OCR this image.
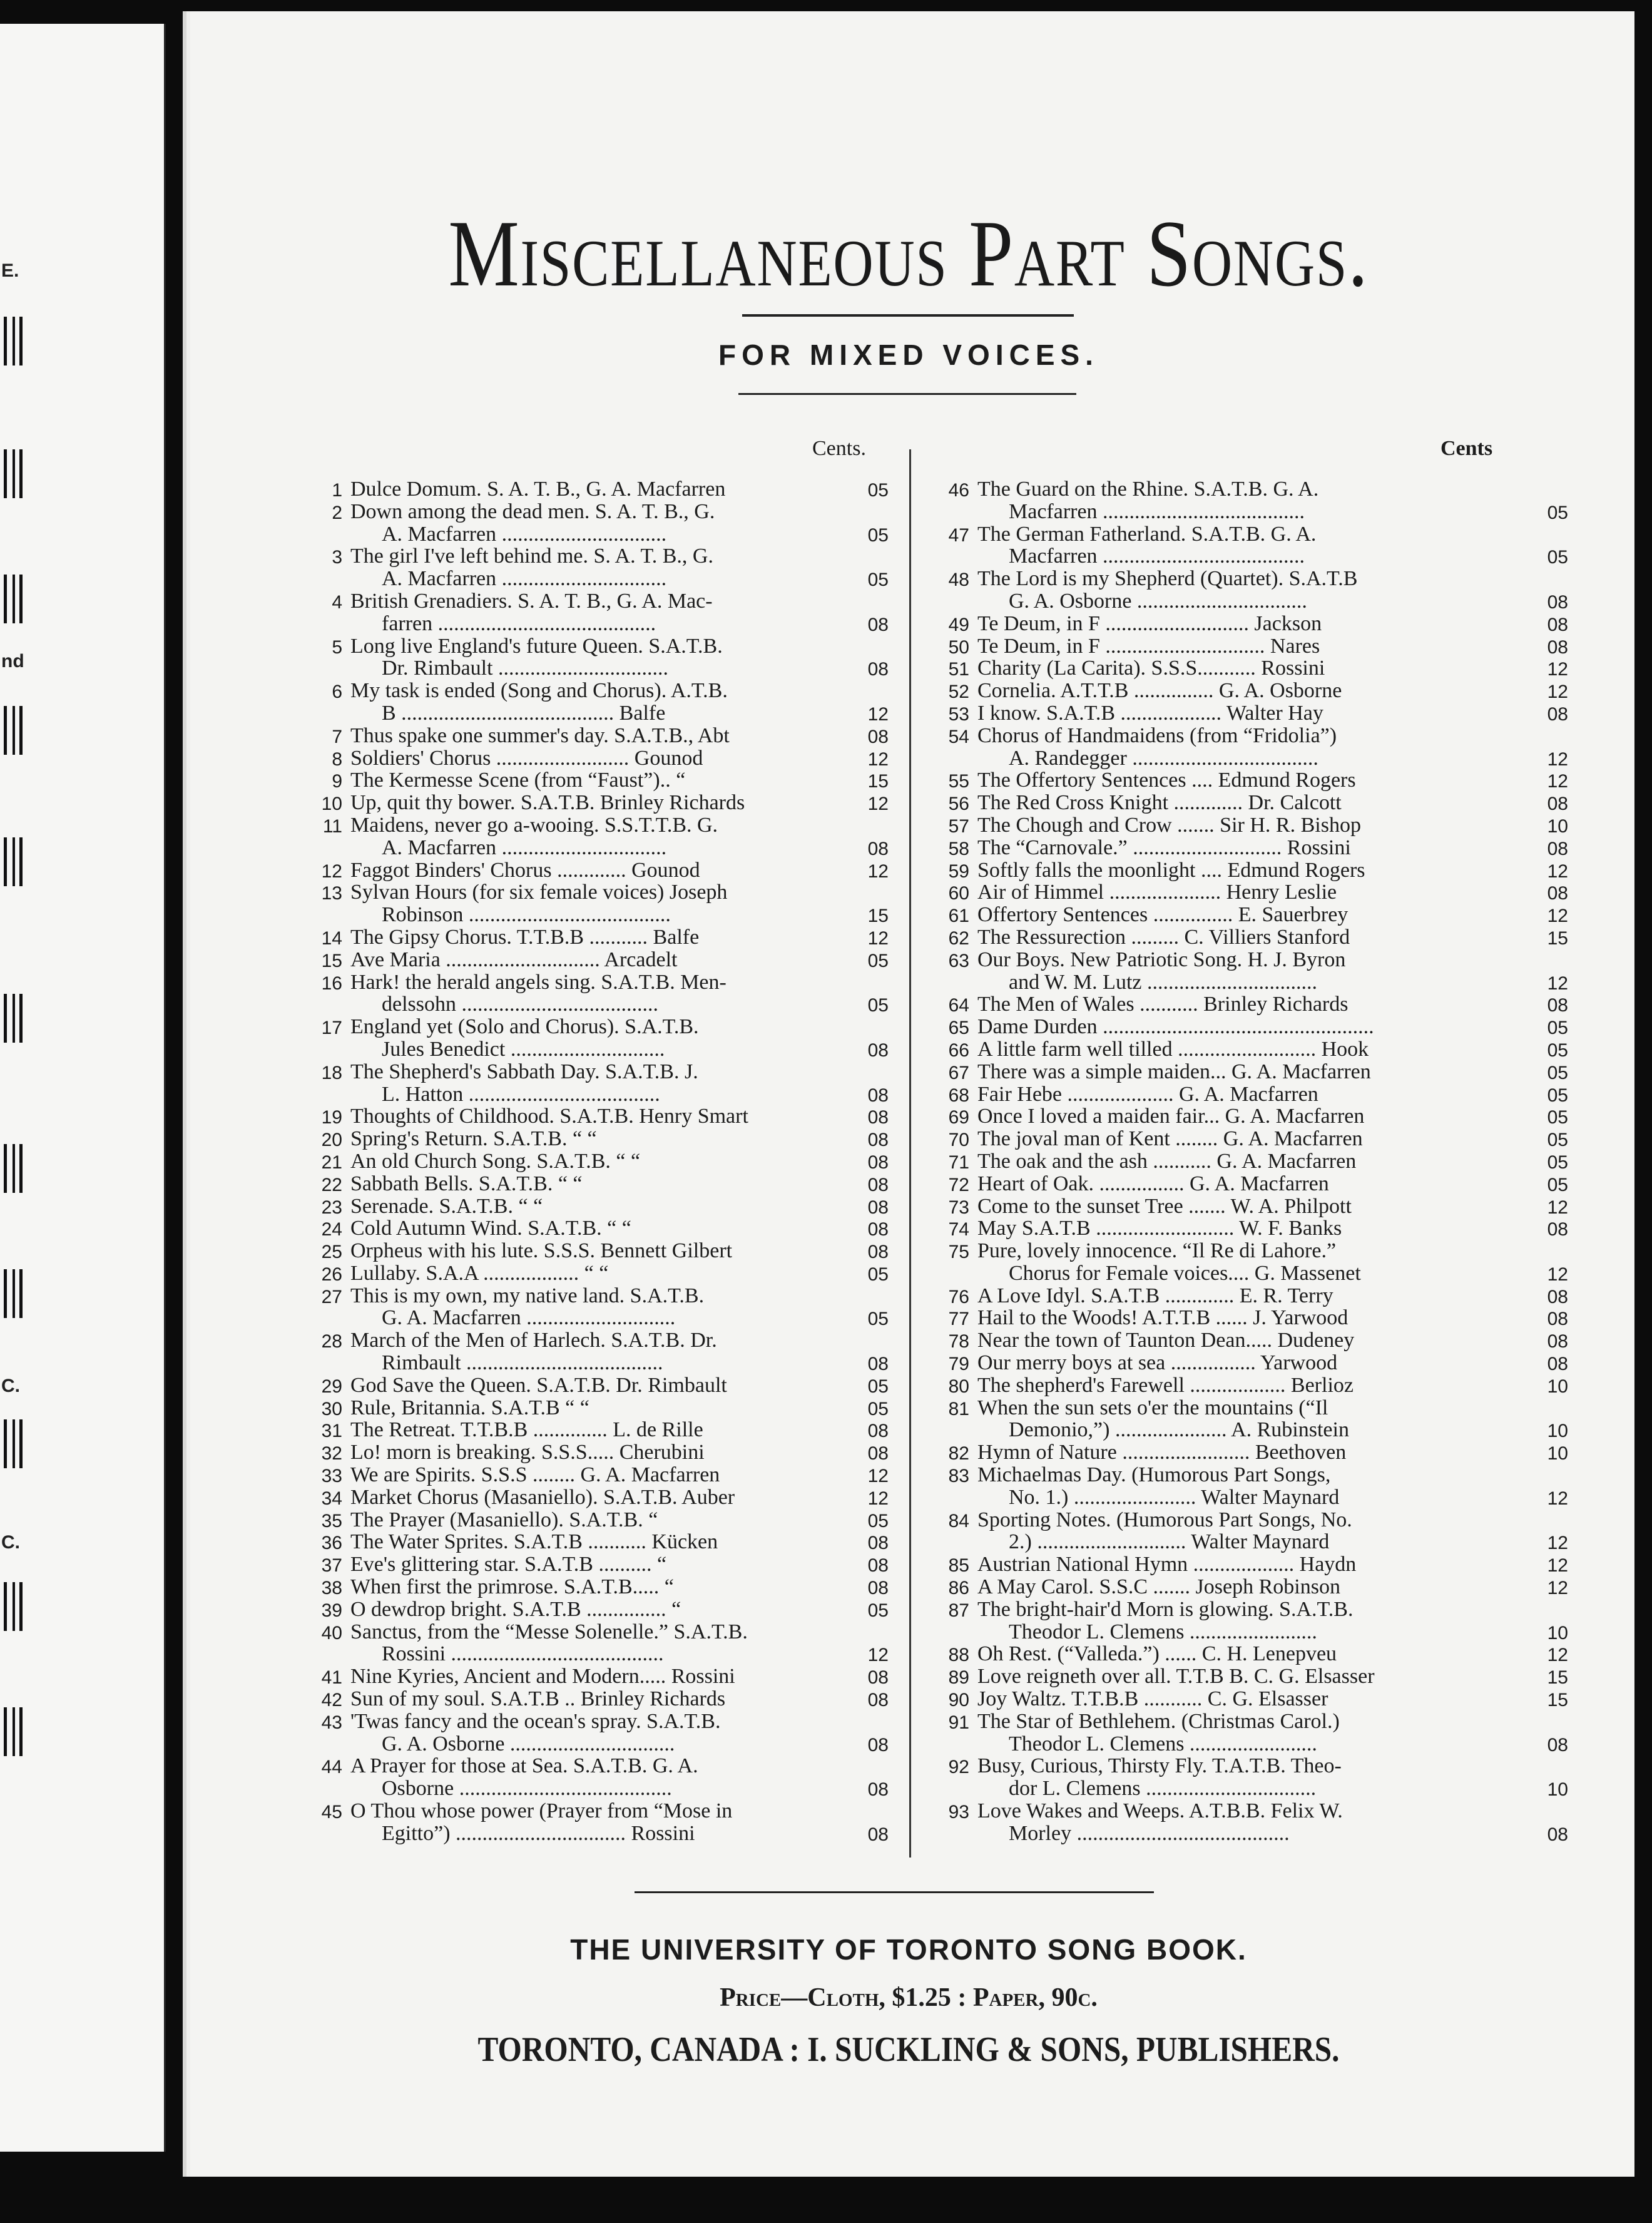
E.
nd
C.
C.
Miscellaneous Part Songs.
FOR MIXED VOICES.
Cents.	Cents
1 Dulce Domum. S. A. T. B., G. A. Macfarren	05
2 Down among the dead men. S. A. T. B., G.
A. Macfarren ...............................	05
3 The girl I've left behind me. S. A. T. B., G.
A. Macfarren ...............................	05
4 British Grenadiers. S. A. T. B., G. A. Mac-
farren .........................................	08
5 Long live England's future Queen. S.A.T.B.
Dr. Rimbault ................................	08
6 My task is ended (Song and Chorus). A.T.B.
B ........................................ Balfe	12
7 Thus spake one summer's day. S.A.T.B., Abt	08
8 Soldiers' Chorus ......................... Gounod	12
9 The Kermesse Scene (from “Faust”).. “	15
10 Up, quit thy bower. S.A.T.B. Brinley Richards	12
11 Maidens, never go a-wooing. S.S.T.T.B. G.
A. Macfarren ...............................	08
12 Faggot Binders' Chorus ............. Gounod	12
13 Sylvan Hours (for six female voices) Joseph
Robinson ......................................	15
14 The Gipsy Chorus. T.T.B.B ........... Balfe	12
15 Ave Maria ............................. Arcadelt	05
16 Hark! the herald angels sing. S.A.T.B. Men-
delssohn .....................................	05
17 England yet (Solo and Chorus). S.A.T.B.
Jules Benedict .............................	08
18 The Shepherd's Sabbath Day. S.A.T.B. J.
L. Hatton ....................................	08
19 Thoughts of Childhood. S.A.T.B. Henry Smart	08
20 Spring's Return. S.A.T.B. “ “	08
21 An old Church Song. S.A.T.B. “ “	08
22 Sabbath Bells. S.A.T.B. “ “	08
23 Serenade. S.A.T.B. “ “	08
24 Cold Autumn Wind. S.A.T.B. “ “	08
25 Orpheus with his lute. S.S.S. Bennett Gilbert	08
26 Lullaby. S.A.A .................. “ “	05
27 This is my own, my native land. S.A.T.B.
G. A. Macfarren ............................	05
28 March of the Men of Harlech. S.A.T.B. Dr.
Rimbault .....................................	08
29 God Save the Queen. S.A.T.B. Dr. Rimbault	05
30 Rule, Britannia. S.A.T.B “ “	05
31 The Retreat. T.T.B.B .............. L. de Rille	08
32 Lo! morn is breaking. S.S.S..... Cherubini	08
33 We are Spirits. S.S.S ........ G. A. Macfarren	12
34 Market Chorus (Masaniello). S.A.T.B. Auber	12
35 The Prayer (Masaniello). S.A.T.B. “	05
36 The Water Sprites. S.A.T.B ........... Kücken	08
37 Eve's glittering star. S.A.T.B .......... “	08
38 When first the primrose. S.A.T.B..... “	08
39 O dewdrop bright. S.A.T.B ............... “	05
40 Sanctus, from the “Messe Solenelle.” S.A.T.B.
Rossini ........................................	12
41 Nine Kyries, Ancient and Modern..... Rossini	08
42 Sun of my soul. S.A.T.B .. Brinley Richards	08
43 'Twas fancy and the ocean's spray. S.A.T.B.
G. A. Osborne ...............................	08
44 A Prayer for those at Sea. S.A.T.B. G. A.
Osborne ........................................	08
45 O Thou whose power (Prayer from “Mose in
Egitto”) ................................ Rossini	08
46 The Guard on the Rhine. S.A.T.B. G. A.
Macfarren ......................................	05
47 The German Fatherland. S.A.T.B. G. A.
Macfarren ......................................	05
48 The Lord is my Shepherd (Quartet). S.A.T.B
G. A. Osborne ................................	08
49 Te Deum, in F ........................... Jackson	08
50 Te Deum, in F .............................. Nares	08
51 Charity (La Carita). S.S.S........... Rossini	12
52 Cornelia. A.T.T.B ............... G. A. Osborne	12
53 I know. S.A.T.B ................... Walter Hay	08
54 Chorus of Handmaidens (from “Fridolia”)
A. Randegger ...................................	12
55 The Offertory Sentences .... Edmund Rogers	12
56 The Red Cross Knight ............. Dr. Calcott	08
57 The Chough and Crow ....... Sir H. R. Bishop	10
58 The “Carnovale.” ............................ Rossini	08
59 Softly falls the moonlight .... Edmund Rogers	12
60 Air of Himmel ..................... Henry Leslie	08
61 Offertory Sentences ............... E. Sauerbrey	12
62 The Ressurection ......... C. Villiers Stanford	15
63 Our Boys. New Patriotic Song. H. J. Byron
and W. M. Lutz ................................	12
64 The Men of Wales ........... Brinley Richards	08
65 Dame Durden ...................................................	05
66 A little farm well tilled .......................... Hook	05
67 There was a simple maiden... G. A. Macfarren	05
68 Fair Hebe .................... G. A. Macfarren	05
69 Once I loved a maiden fair... G. A. Macfarren	05
70 The joval man of Kent ........ G. A. Macfarren	05
71 The oak and the ash ........... G. A. Macfarren	05
72 Heart of Oak. ................ G. A. Macfarren	05
73 Come to the sunset Tree ....... W. A. Philpott	12
74 May S.A.T.B .......................... W. F. Banks	08
75 Pure, lovely innocence. “Il Re di Lahore.”
Chorus for Female voices.... G. Massenet	12
76 A Love Idyl. S.A.T.B ............. E. R. Terry	08
77 Hail to the Woods! A.T.T.B ...... J. Yarwood	08
78 Near the town of Taunton Dean..... Dudeney	08
79 Our merry boys at sea ................ Yarwood	08
80 The shepherd's Farewell .................. Berlioz	10
81 When the sun sets o'er the mountains (“Il
Demonio,”) ..................... A. Rubinstein	10
82 Hymn of Nature ........................ Beethoven	10
83 Michaelmas Day. (Humorous Part Songs,
No. 1.) ....................... Walter Maynard	12
84 Sporting Notes. (Humorous Part Songs, No.
2.) ............................ Walter Maynard	12
85 Austrian National Hymn ................... Haydn	12
86 A May Carol. S.S.C ....... Joseph Robinson	12
87 The bright-hair'd Morn is glowing. S.A.T.B.
Theodor L. Clemens ........................	10
88 Oh Rest. (“Valleda.”) ...... C. H. Lenepveu	12
89 Love reigneth over all. T.T.B B. C. G. Elsasser	15
90 Joy Waltz. T.T.B.B ........... C. G. Elsasser	15
91 The Star of Bethlehem. (Christmas Carol.)
Theodor L. Clemens ........................	08
92 Busy, Curious, Thirsty Fly. T.A.T.B. Theo-
dor L. Clemens ................................	10
93 Love Wakes and Weeps. A.T.B.B. Felix W.
Morley ........................................	08
THE UNIVERSITY OF TORONTO SONG BOOK.
Price—Cloth, $1.25 : Paper, 90c.
TORONTO, CANADA : I. SUCKLING & SONS, PUBLISHERS.
